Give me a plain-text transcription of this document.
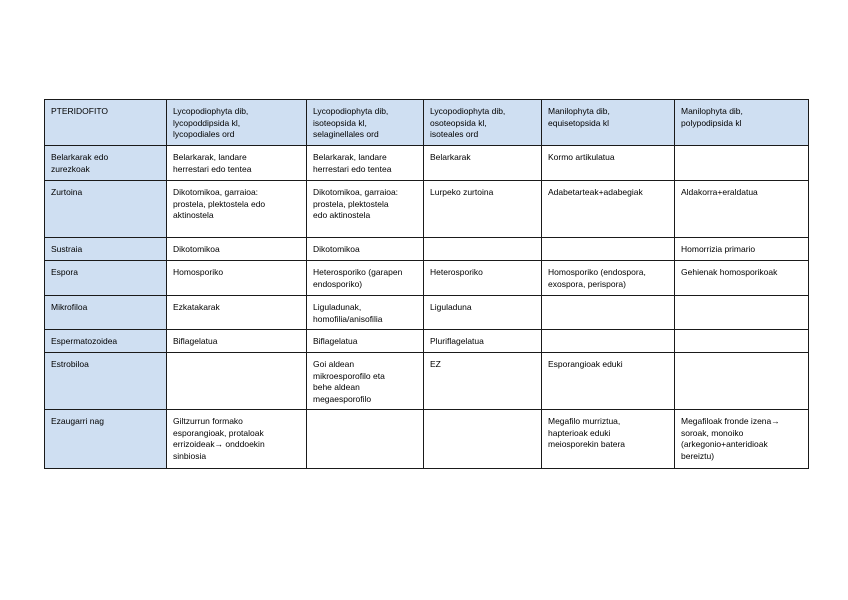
PTERIDOFITO	Lycopodiophyta dib,
lycopoddipsida kl,
lycopodiales ord	Lycopodiophyta dib,
isoteopsida kl,
selaginellales ord	Lycopodiophyta dib,
osoteopsida kl,
isoteales ord	Manilophyta dib,
equisetopsida kl	Manilophyta dib,
polypodipsida kl
Belarkarak edo
zurezkoak	Belarkarak, landare
herrestari edo tentea	Belarkarak, landare
herrestari edo tentea	Belarkarak	Kormo artikulatua	
Zurtoina	Dikotomikoa, garraioa:
prostela, plektostela edo
aktinostela	Dikotomikoa, garraioa:
prostela, plektostela
edo aktinostela	Lurpeko zurtoina	Adabetarteak+adabegiak	Aldakorra+eraldatua
Sustraia	Dikotomikoa	Dikotomikoa			Homorrizia primario
Espora	Homosporiko	Heterosporiko (garapen
endosporiko)	Heterosporiko	Homosporiko (endospora,
exospora, perispora)	Gehienak homosporikoak
Mikrofiloa	Ezkatakarak	Liguladunak,
homofilia/anisofilia	Liguladuna		
Espermatozoidea	Biflagelatua	Biflagelatua	Pluriflagelatua		
Estrobiloa		Goi aldean
mikroesporofilo eta
behe aldean
megaesporofilo	EZ	Esporangioak eduki	
Ezaugarri nag	Giltzurrun formako
esporangioak, protaloak
errizoideak→ onddoekin
sinbiosia			Megafilo murriztua,
hapterioak eduki
meiosporekin batera	Megafiloak fronde izena→
soroak, monoiko
(arkegonio+anteridioak
bereiztu)
